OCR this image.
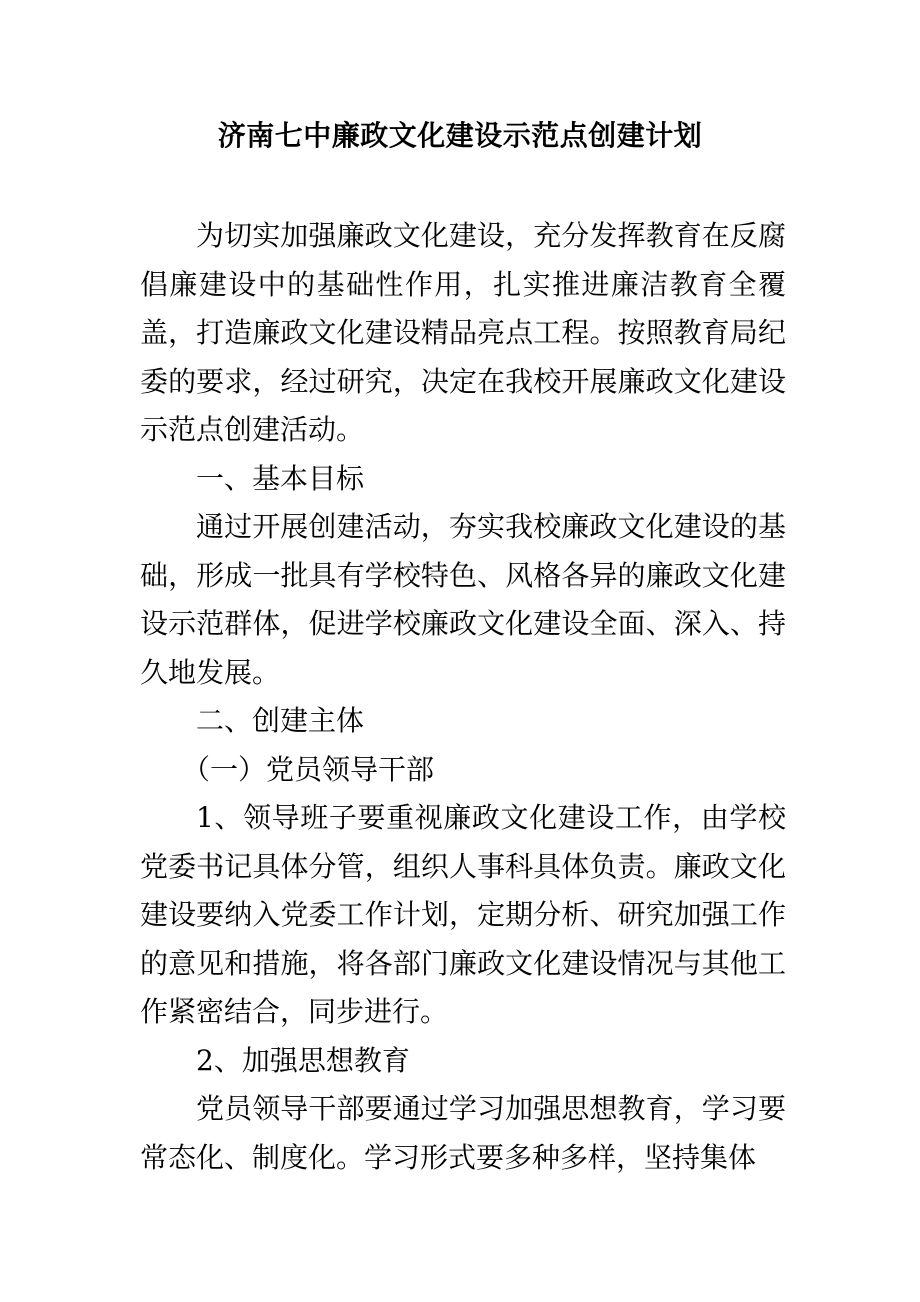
济南七中廉政文化建设示范点创建计划

为切实加强廉政文化建设，充分发挥教育在反腐倡廉建设中的基础性作用，扎实推进廉洁教育全覆盖，打造廉政文化建设精品亮点工程。按照教育局纪委的要求，经过研究，决定在我校开展廉政文化建设示范点创建活动。

一、基本目标

通过开展创建活动，夯实我校廉政文化建设的基础，形成一批具有学校特色、风格各异的廉政文化建设示范群体，促进学校廉政文化建设全面、深入、持久地发展。

二、创建主体

（一）党员领导干部

1、领导班子要重视廉政文化建设工作，由学校党委书记具体分管，组织人事科具体负责。廉政文化建设要纳入党委工作计划，定期分析、研究加强工作的意见和措施，将各部门廉政文化建设情况与其他工作紧密结合，同步进行。

2、加强思想教育

党员领导干部要通过学习加强思想教育，学习要常态化、制度化。学习形式要多种多样，坚持集体
